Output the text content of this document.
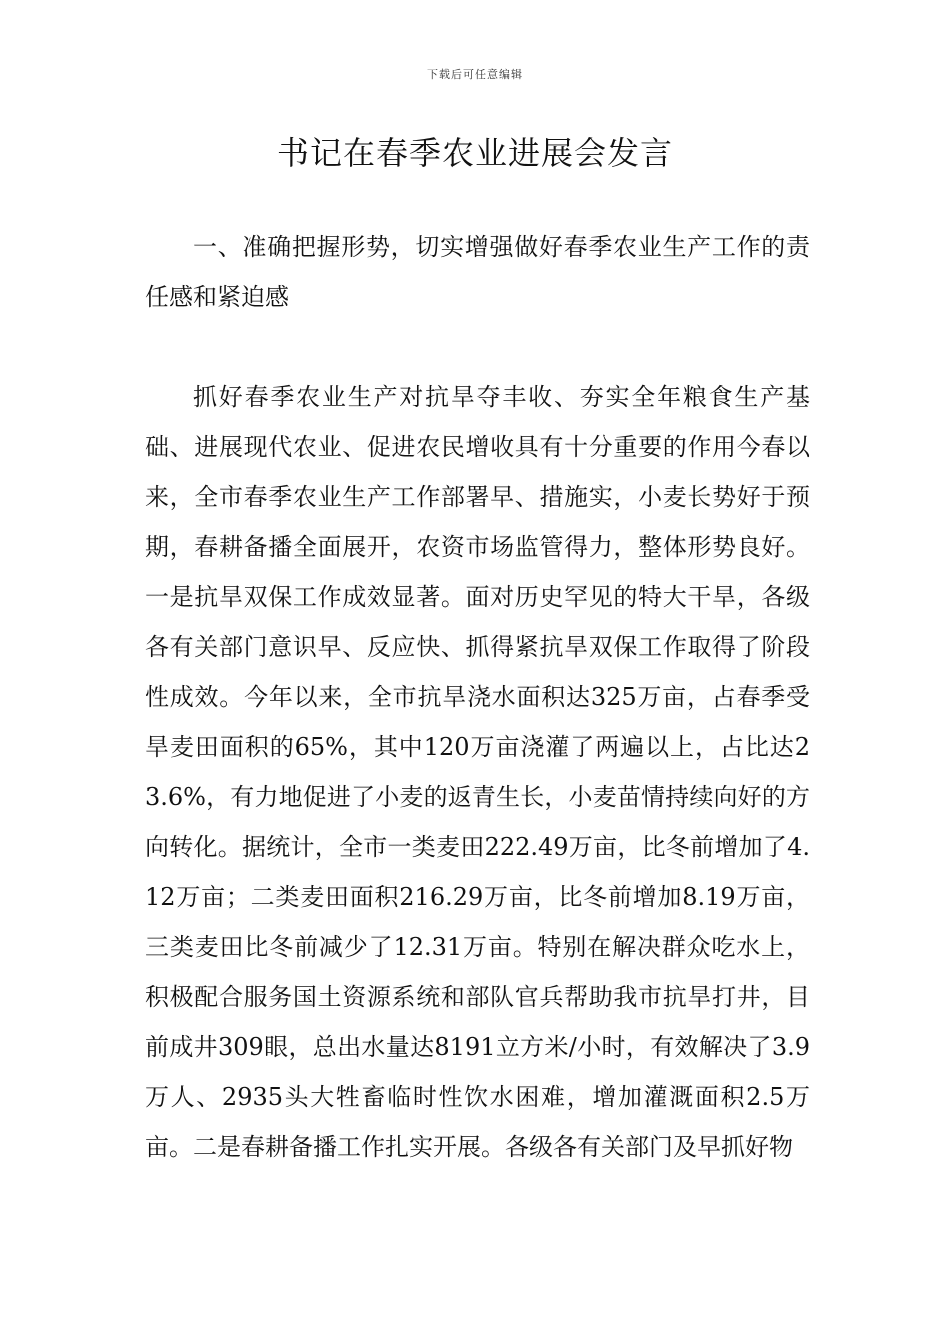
下载后可任意编辑
书记在春季农业进展会发言

一、准确把握形势，切实增强做好春季农业生产工作的责任感和紧迫感

抓好春季农业生产对抗旱夺丰收、夯实全年粮食生产基础、进展现代农业、促进农民增收具有十分重要的作用今春以来，全市春季农业生产工作部署早、措施实，小麦长势好于预期，春耕备播全面展开，农资市场监管得力，整体形势良好。一是抗旱双保工作成效显著。面对历史罕见的特大干旱，各级各有关部门意识早、反应快、抓得紧抗旱双保工作取得了阶段性成效。今年以来，全市抗旱浇水面积达325万亩，占春季受旱麦田面积的65%，其中120万亩浇灌了两遍以上，占比达23.6%，有力地促进了小麦的返青生长，小麦苗情持续向好的方向转化。据统计，全市一类麦田222.49万亩，比冬前增加了4.12万亩；二类麦田面积216.29万亩，比冬前增加8.19万亩，三类麦田比冬前减少了12.31万亩。特别在解决群众吃水上，积极配合服务国土资源系统和部队官兵帮助我市抗旱打井，目前成井309眼，总出水量达8191立方米/小时，有效解决了3.9万人、2935头大牲畜临时性饮水困难，增加灌溉面积2.5万亩。二是春耕备播工作扎实开展。各级各有关部门及早抓好物
